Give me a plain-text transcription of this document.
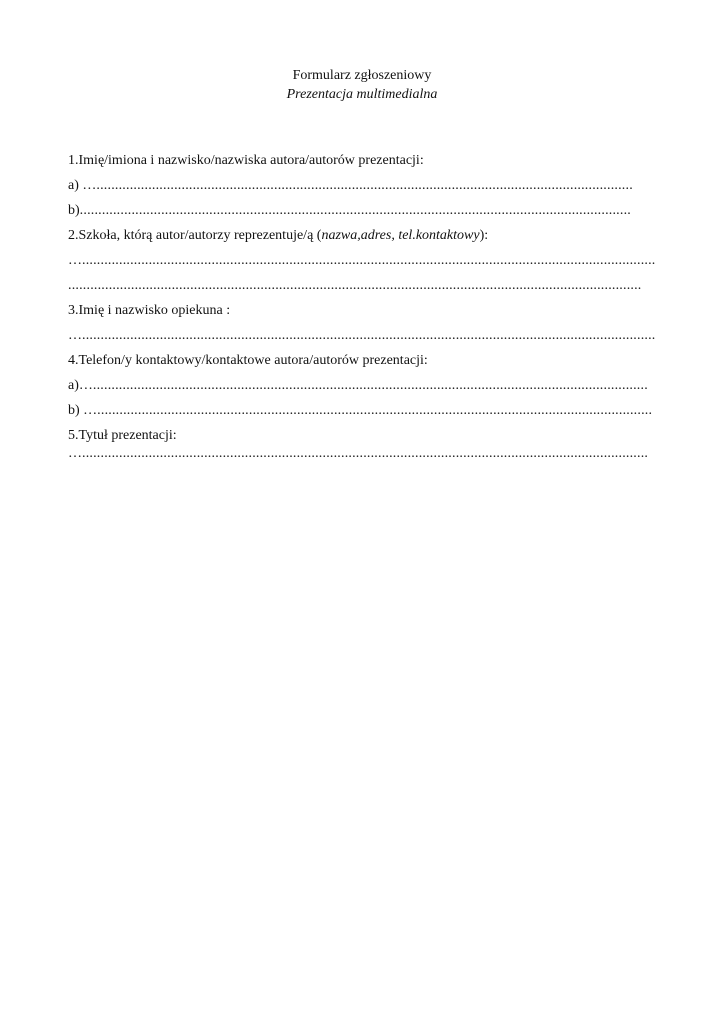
Formularz zgłoszeniowy
Prezentacja multimedialna
1.Imię/imiona i nazwisko/nazwiska autora/autorów prezentacji:
a) ….................................................................................................................................................
b).....................................................................................................................................................
2.Szkoła, którą autor/autorzy reprezentuje/ą (nazwa,adres, tel.kontaktowy):
…...........................................................................................................................................................
...........................................................................................................................................................
3.Imię i nazwisko opiekuna :
…...........................................................................................................................................................
4.Telefon/y kontaktowy/kontaktowe autora/autorów prezentacji:
a)…......................................................................................................................................................
b) …......................................................................................................................................................
5.Tytuł prezentacji:
….........................................................................................................................................................
